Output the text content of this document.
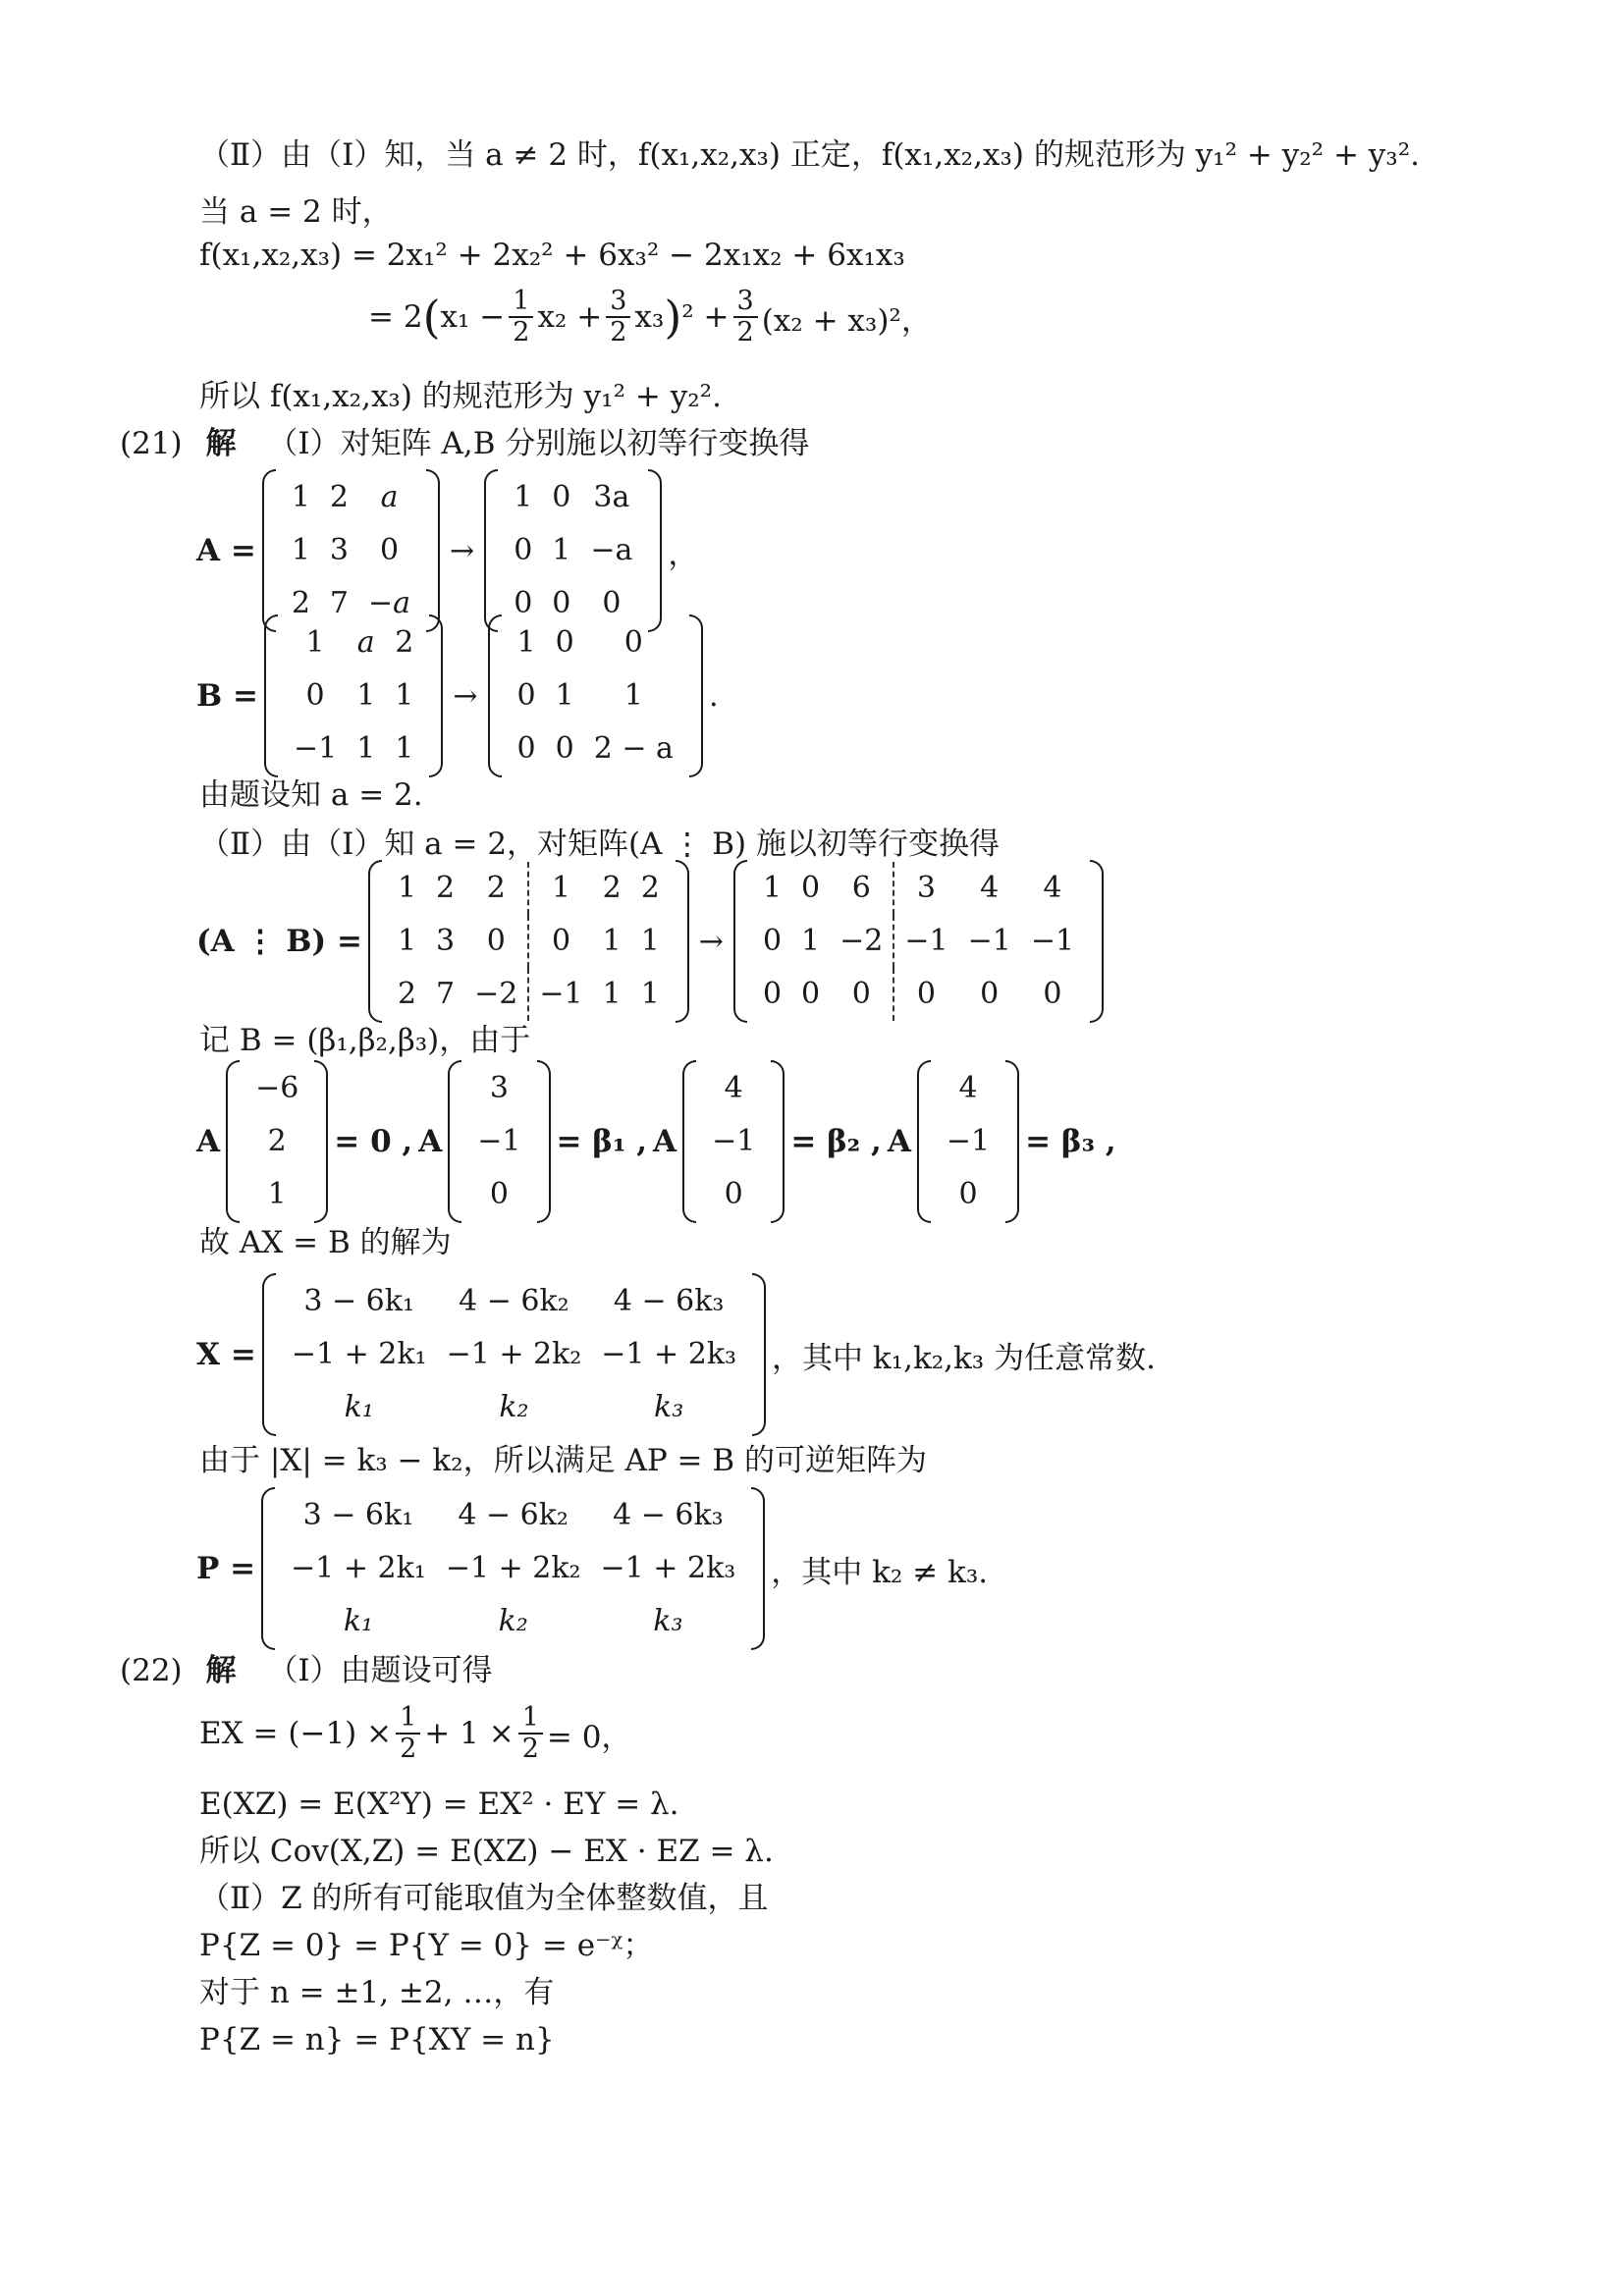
（Ⅱ）由（Ⅰ）知，当 a ≠ 2 时，f(x₁,x₂,x₃) 正定，f(x₁,x₂,x₃) 的规范形为 y₁² + y₂² + y₃².
当 a = 2 时，
f(x₁,x₂,x₃) = 2x₁² + 2x₂² + 6x₃² − 2x₁x₂ + 6x₁x₃
= 2 ( $x_1 - \frac{1}{2} x_2 + \frac{3}{2} x_3$ ) $^2 + \frac{3}{2} (x_2 + x_3)^2$，
所以 f(x₁,x₂,x₃) 的规范形为 y₁² + y₂².
(21) 解 （Ⅰ）对矩阵 A,B 分别施以初等行变换得
A =
1 2	a
1 3	0
2 7 −a
→
1 0 3a
0 1 −a
0 0	0
，
B =
1	a 2
0	1 1
−1 1 1
→
1 0	0
0 1	1
0 0 2 − a
.
由题设知 a = 2.
（Ⅱ）由（Ⅰ）知 a = 2，对矩阵(A ⋮ B) 施以初等行变换得
(A ⋮ B) =
1 2	2	1	2 2
1 3	0	0	1 1
2 7 −2 −1 1 1
→
1 0	6	3	4	4
0 1 −2 −1 −1 −1
0 0	0	0	0	0
记 B = (β₁,β₂,β₃)，由于
A
−6
2
1
= 0 , A
3
−1
0
= β₁ , A
4
−1
0
= β₂ , A
4
−1
0
= β₃ ,
故 AX = B 的解为
X =
3 − 6k₁	4 − 6k₂	4 − 6k₃
−1 + 2k₁ −1 + 2k₂ −1 + 2k₃
k₁	k₂	k₃
，其中 k₁,k₂,k₃ 为任意常数.
由于 |X| = k₃ − k₂，所以满足 AP = B 的可逆矩阵为
P =
3 − 6k₁	4 − 6k₂	4 − 6k₃
−1 + 2k₁ −1 + 2k₂ −1 + 2k₃
k₁	k₂	k₃
，其中 k₂ ≠ k₃.
(22) 解 （Ⅰ）由题设可得
EX = $(-1) \times \frac{1}{2} + 1 \times \frac{1}{2} = 0$，
E(XZ) = E(X²Y) = EX² · EY = λ.
所以 Cov(X,Z) = E(XZ) − EX · EZ = λ.
（Ⅱ）Z 的所有可能取值为全体整数值，且
P{Z = 0} = P{Y = 0} = e⁻ᵡ；
对于 n = ±1, ±2, …，有
P{Z = n} = P{XY = n}
